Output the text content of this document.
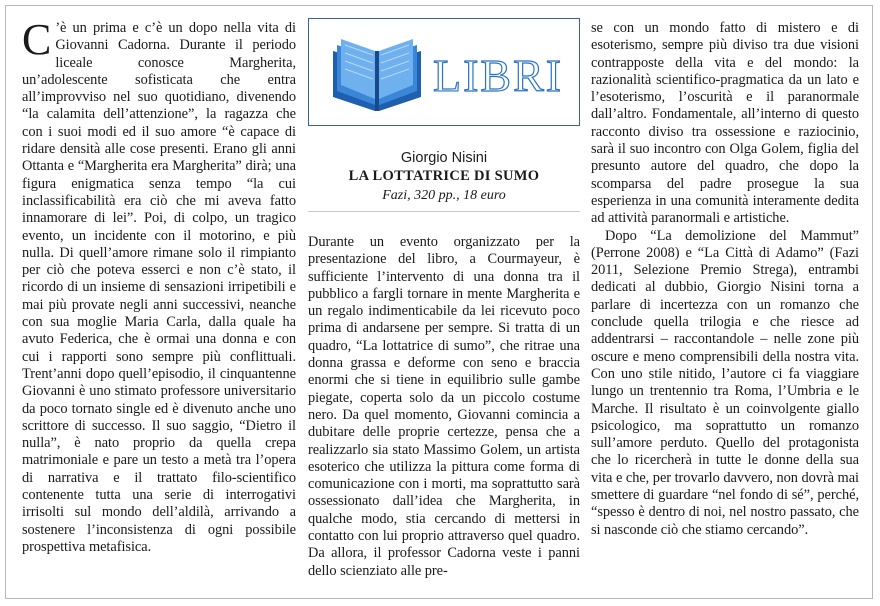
C ’è un prima e c’è un dopo nella vita di Giovanni Cadorna. Durante il periodo liceale conosce Margherita, un’adolescente sofisticata che entra all’improvviso nel suo quotidiano, divenendo “la calamita dell’attenzione”, la ragazza che con i suoi modi ed il suo amore “è capace di ridare densità alle cose presenti. Erano gli anni Ottanta e “Margherita era Margherita” dirà; una figura enigmatica senza tempo “la cui inclassificabilità era ciò che mi aveva fatto innamorare di lei”. Poi, di colpo, un tragico evento, un incidente con il motorino, e più nulla. Di quell’amore rimane solo il rimpianto per ciò che poteva esserci e non c’è stato, il ricordo di un insieme di sensazioni irripetibili e mai più provate negli anni successivi, neanche con sua moglie Maria Carla, dalla quale ha avuto Federica, che è ormai una donna e con cui i rapporti sono sempre più conflittuali. Trent’anni dopo quell’episodio, il cinquantenne Giovanni è uno stimato professore universitario da poco tornato single ed è divenuto anche uno scrittore di successo. Il suo saggio, “Dietro il nulla”, è nato proprio da quella crepa matrimoniale e pare un testo a metà tra l’opera di narrativa e il trattato filo-scientifico contenente tutta una serie di interrogativi irrisolti sul mondo dell’aldilà, arrivando a sostenere l’inconsistenza di ogni possibile prospettiva metafisica.

LIBRI
Giorgio Nisini
LA LOTTATRICE DI SUMO
Fazi, 320 pp., 18 euro

Durante un evento organizzato per la presentazione del libro, a Courmayeur, è sufficiente l’intervento di una donna tra il pubblico a fargli tornare in mente Margherita e un regalo indimenticabile da lei ricevuto poco prima di andarsene per sempre. Si tratta di un quadro, “La lottatrice di sumo”, che ritrae una donna grassa e deforme con seno e braccia enormi che si tiene in equilibrio sulle gambe piegate, coperta solo da un piccolo costume nero. Da quel momento, Giovanni comincia a dubitare delle proprie certezze, pensa che a realizzarlo sia stato Massimo Golem, un artista esoterico che utilizza la pittura come forma di comunicazione con i morti, ma soprattutto sarà ossessionato dall’idea che Margherita, in qualche modo, stia cercando di mettersi in contatto con lui proprio attraverso quel quadro. Da allora, il professor Cadorna veste i panni dello scienziato alle pre-

se con un mondo fatto di mistero e di esoterismo, sempre più diviso tra due visioni contrapposte della vita e del mondo: la razionalità scientifico-pragmatica da un lato e l’esoterismo, l’oscurità e il paranormale dall’altro. Fondamentale, all’interno di questo racconto diviso tra ossessione e raziocinio, sarà il suo incontro con Olga Golem, figlia del presunto autore del quadro, che dopo la scomparsa del padre prosegue la sua esperienza in una comunità interamente dedita ad attività paranormali e artistiche.

Dopo “La demolizione del Mammut” (Perrone 2008) e “La Città di Adamo” (Fazi 2011, Selezione Premio Strega), entrambi dedicati al dubbio, Giorgio Nisini torna a parlare di incertezza con un romanzo che conclude quella trilogia e che riesce ad addentrarsi – raccontandole – nelle zone più oscure e meno comprensibili della nostra vita. Con uno stile nitido, l’autore ci fa viaggiare lungo un trentennio tra Roma, l’Umbria e le Marche. Il risultato è un coinvolgente giallo psicologico, ma soprattutto un romanzo sull’amore perduto. Quello del protagonista che lo ricercherà in tutte le donne della sua vita e che, per trovarlo davvero, non dovrà mai smettere di guardare “nel fondo di sé”, perché, “spesso è dentro di noi, nel nostro passato, che si nasconde ciò che stiamo cercando”.
